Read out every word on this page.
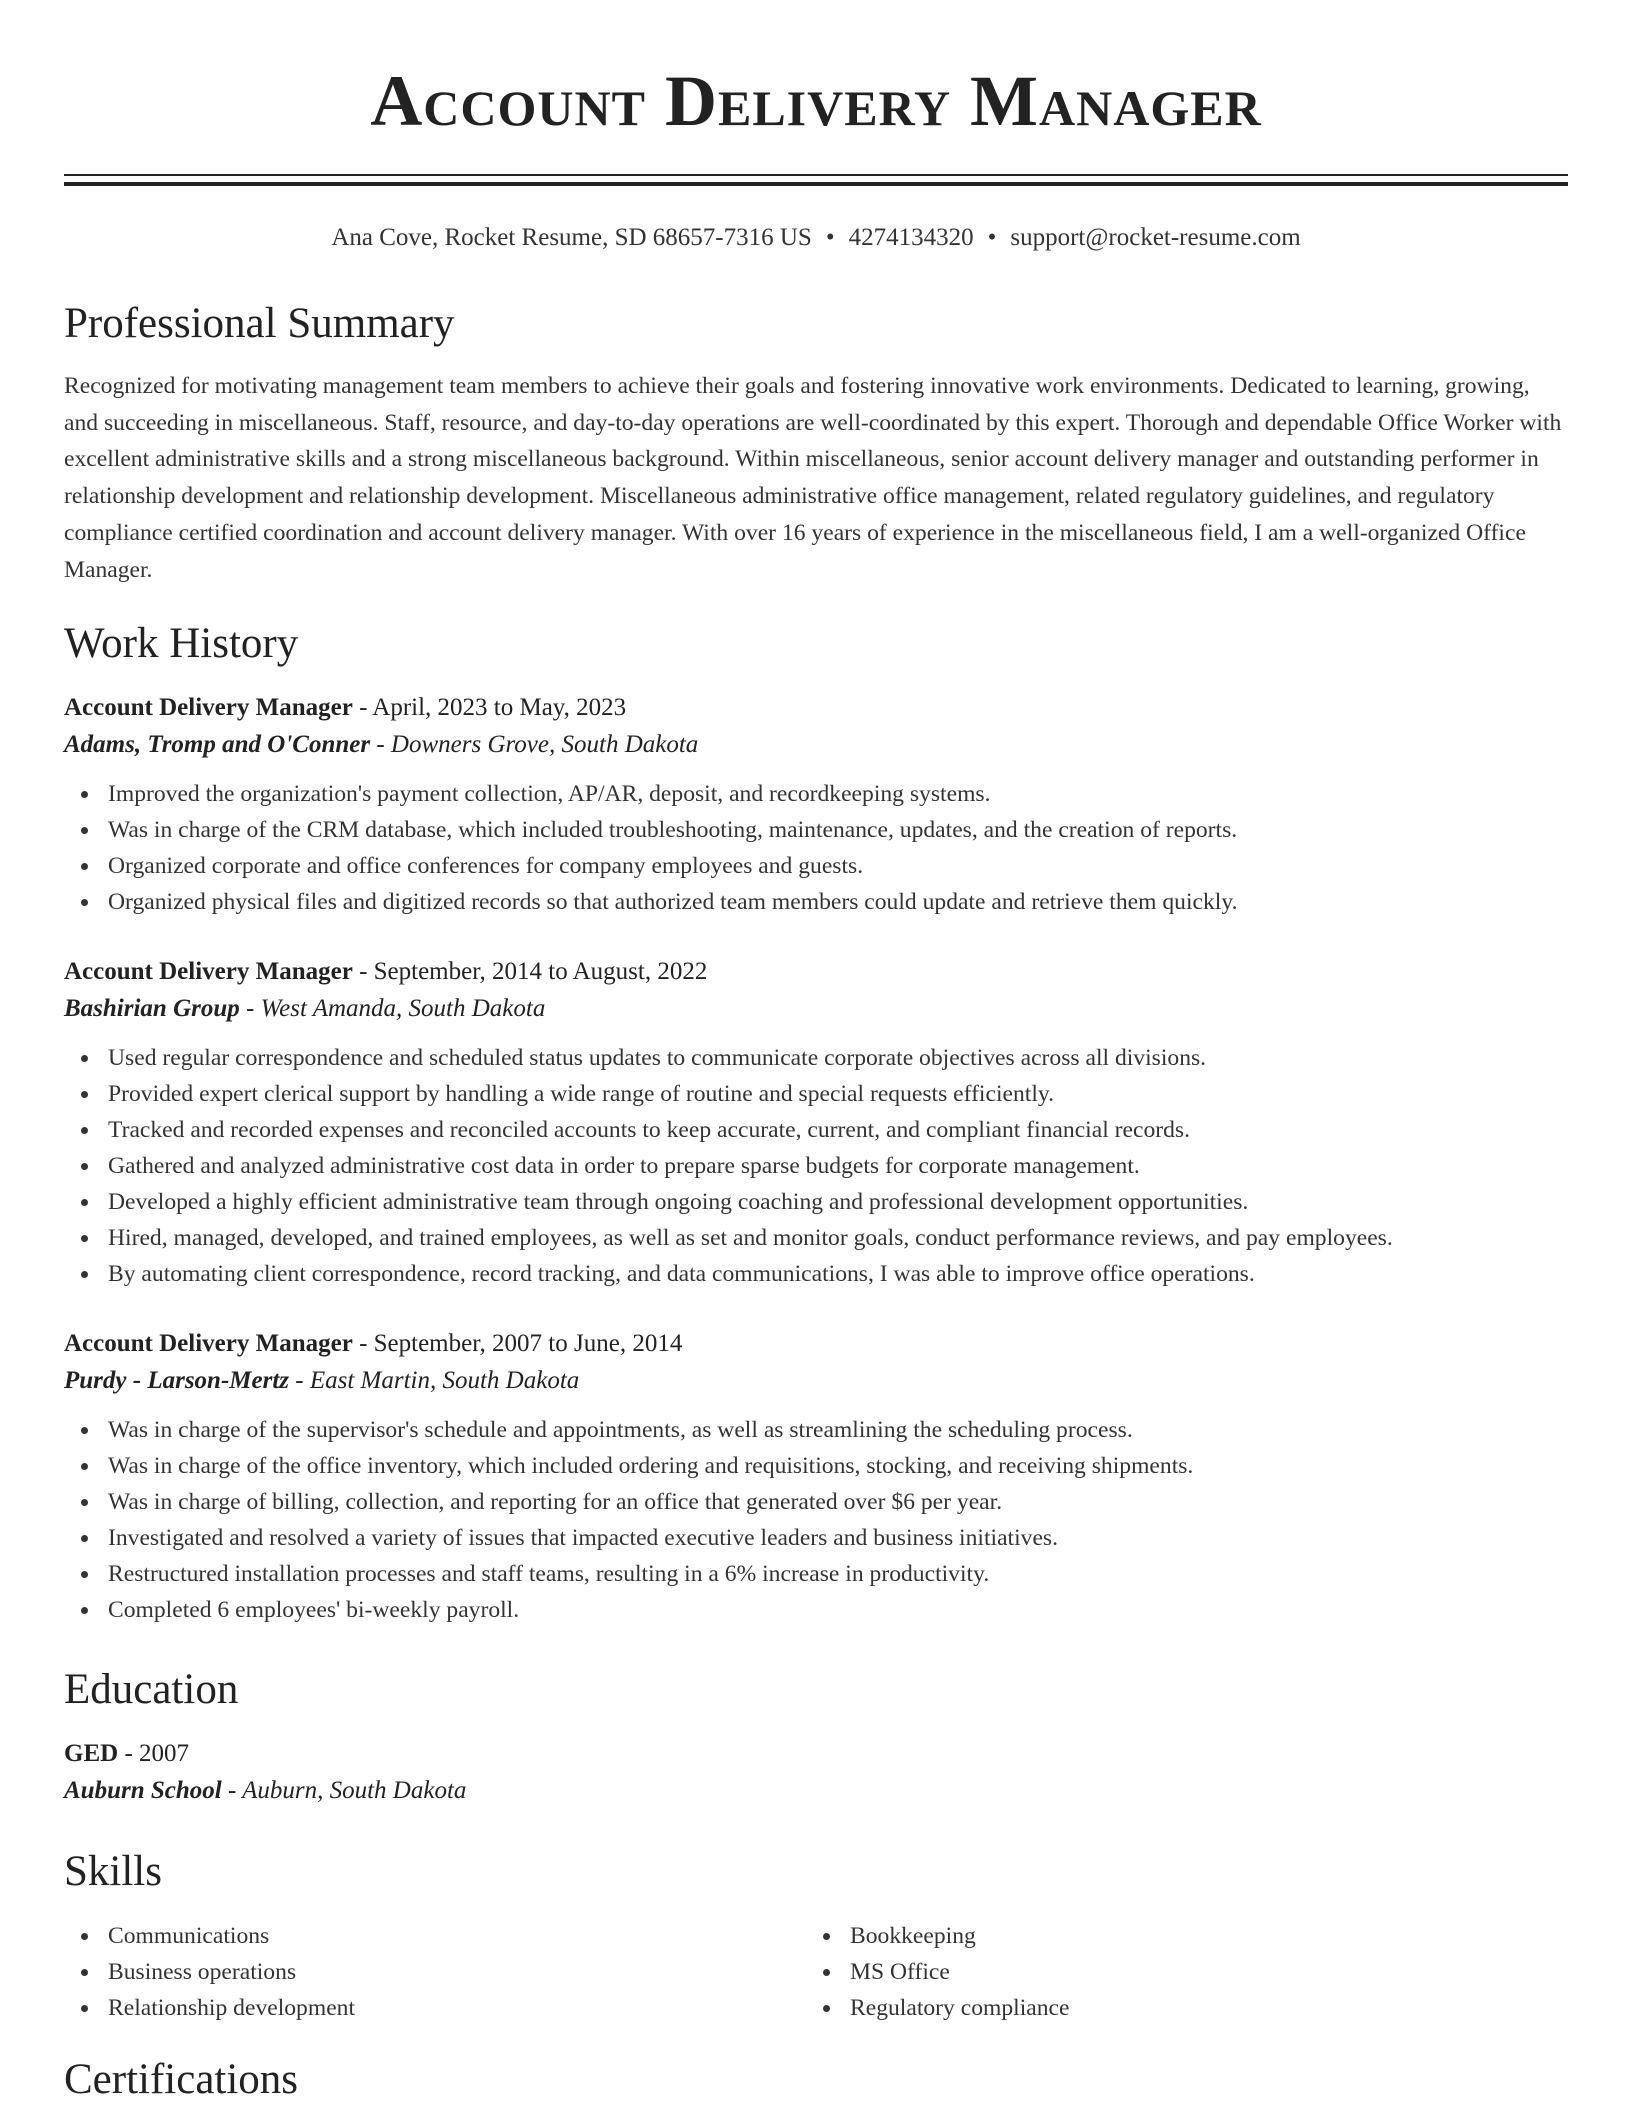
Account Delivery Manager
Ana Cove, Rocket Resume, SD 68657-7316 US • 4274134320 • support@rocket-resume.com
Professional Summary

Recognized for motivating management team members to achieve their goals and fostering innovative work environments. Dedicated to learning, growing, and succeeding in miscellaneous. Staff, resource, and day-to-day operations are well-coordinated by this expert. Thorough and dependable Office Worker with excellent administrative skills and a strong miscellaneous background. Within miscellaneous, senior account delivery manager and outstanding performer in relationship development and relationship development. Miscellaneous administrative office management, related regulatory guidelines, and regulatory compliance certified coordination and account delivery manager. With over 16 years of experience in the miscellaneous field, I am a well-organized Office Manager.

Work History
Account Delivery Manager - April, 2023 to May, 2023
Adams, Tromp and O'Conner - Downers Grove, South Dakota
Improved the organization's payment collection, AP/AR, deposit, and recordkeeping systems.
Was in charge of the CRM database, which included troubleshooting, maintenance, updates, and the creation of reports.
Organized corporate and office conferences for company employees and guests.
Organized physical files and digitized records so that authorized team members could update and retrieve them quickly.
Account Delivery Manager - September, 2014 to August, 2022
Bashirian Group - West Amanda, South Dakota
Used regular correspondence and scheduled status updates to communicate corporate objectives across all divisions.
Provided expert clerical support by handling a wide range of routine and special requests efficiently.
Tracked and recorded expenses and reconciled accounts to keep accurate, current, and compliant financial records.
Gathered and analyzed administrative cost data in order to prepare sparse budgets for corporate management.
Developed a highly efficient administrative team through ongoing coaching and professional development opportunities.
Hired, managed, developed, and trained employees, as well as set and monitor goals, conduct performance reviews, and pay employees.
By automating client correspondence, record tracking, and data communications, I was able to improve office operations.
Account Delivery Manager - September, 2007 to June, 2014
Purdy - Larson-Mertz - East Martin, South Dakota
Was in charge of the supervisor's schedule and appointments, as well as streamlining the scheduling process.
Was in charge of the office inventory, which included ordering and requisitions, stocking, and receiving shipments.
Was in charge of billing, collection, and reporting for an office that generated over $6 per year.
Investigated and resolved a variety of issues that impacted executive leaders and business initiatives.
Restructured installation processes and staff teams, resulting in a 6% increase in productivity.
Completed 6 employees' bi-weekly payroll.
Education
GED - 2007
Auburn School - Auburn, South Dakota
Skills
Communications
Business operations
Relationship development
Bookkeeping
MS Office
Regulatory compliance
Certifications
